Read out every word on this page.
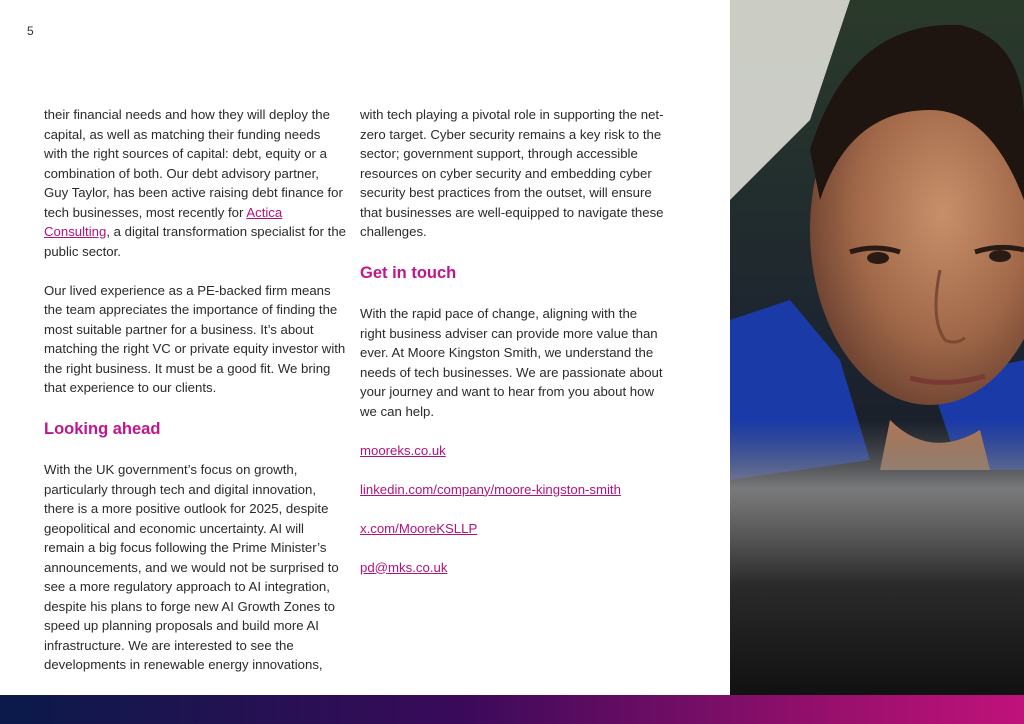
5

their financial needs and how they will deploy the capital, as well as matching their funding needs with the right sources of capital: debt, equity or a combination of both. Our debt advisory partner, Guy Taylor, has been active raising debt finance for tech businesses, most recently for Actica Consulting, a digital transformation specialist for the public sector.

Our lived experience as a PE-backed firm means the team appreciates the importance of finding the most suitable partner for a business. It’s about matching the right VC or private equity investor with the right business. It must be a good fit. We bring that experience to our clients.

Looking ahead

With the UK government’s focus on growth, particularly through tech and digital innovation, there is a more positive outlook for 2025, despite geopolitical and economic uncertainty. AI will remain a big focus following the Prime Minister’s announcements, and we would not be surprised to see a more regulatory approach to AI integration, despite his plans to forge new AI Growth Zones to speed up planning proposals and build more AI infrastructure. We are interested to see the developments in renewable energy innovations,

with tech playing a pivotal role in supporting the net-zero target. Cyber security remains a key risk to the sector; government support, through accessible resources on cyber security and embedding cyber security best practices from the outset, will ensure that businesses are well-equipped to navigate these challenges.

Get in touch

With the rapid pace of change, aligning with the right business adviser can provide more value than ever. At Moore Kingston Smith, we understand the needs of tech businesses. We are passionate about your journey and want to hear from you about how we can help.

mooreks.co.uk
linkedin.com/company/moore-kingston-smith
x.com/MooreKSLLP
pd@mks.co.uk
